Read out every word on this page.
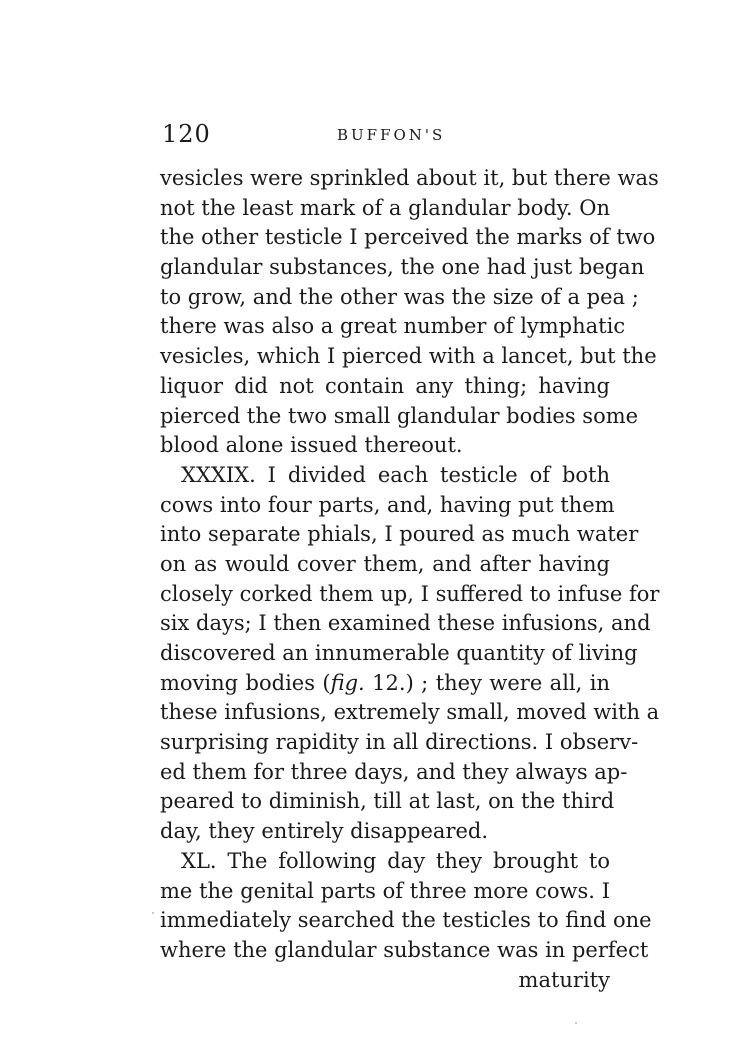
120	BUFFON'S
vesicles were sprinkled about it, but there was
not the least mark of a glandular body. On
the other testicle I perceived the marks of two
glandular substances, the one had just began
to grow, and the other was the size of a pea ;
there was also a great number of lymphatic
vesicles, which I pierced with a lancet, but the
liquor did not contain any thing; having
pierced the two small glandular bodies some
blood alone issued thereout.
XXXIX. I divided each testicle of both
cows into four parts, and, having put them
into separate phials, I poured as much water
on as would cover them, and after having
closely corked them up, I suffered to infuse for
six days; I then examined these infusions, and
discovered an innumerable quantity of living
moving bodies (fig. 12.) ; they were all, in
these infusions, extremely small, moved with a
surprising rapidity in all directions. I observ-
ed them for three days, and they always ap-
peared to diminish, till at last, on the third
day, they entirely disappeared.
XL. The following day they brought to
me the genital parts of three more cows. I
immediately searched the testicles to find one
where the glandular substance was in perfect
maturity
